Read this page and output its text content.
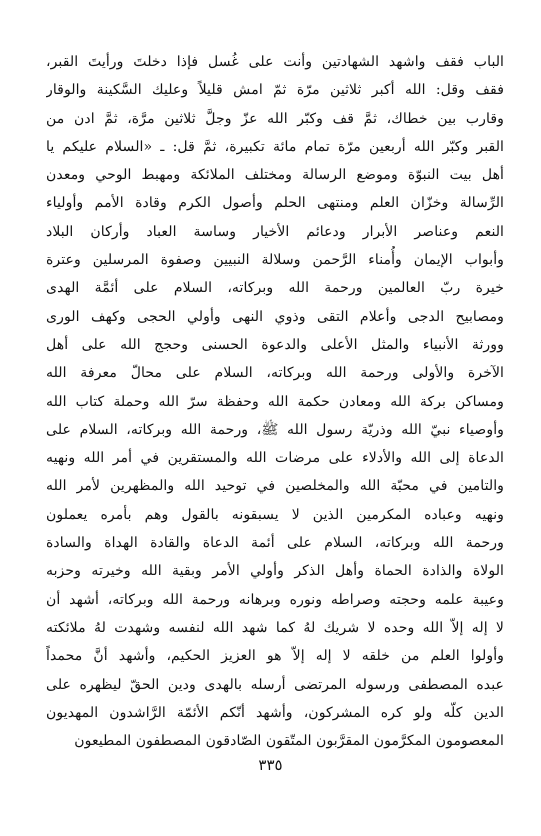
الباب فقف واشهد الشهادتين وأنت على غُسل فإذا دخلتَ ورأيتَ القبر،
فقف وقل: الله أكبر ثلاثين مرّة ثمّ امش قليلاً وعليك السَّكينة والوقار
وقارب بين خطاك، ثمَّ قف وكبّر الله عزّ وجلَّ ثلاثين مرَّة، ثمَّ ادن من
القبر وكبّر الله أربعين مرّة تمام مائة تكبيرة، ثمَّ قل: ـ «السلام عليكم يا
أهل بيت النبوّة وموضع الرسالة ومختلف الملائكة ومهبط الوحي ومعدن
الرِّسالة وخزّان العلم ومنتهى الحلم وأصول الكرم وقادة الأمم وأولياء
النعم وعناصر الأبرار ودعائم الأخيار وساسة العباد وأركان البلاد
وأبواب الإيمان وأُمناء الرَّحمن وسلالة النبيين وصفوة المرسلين وعترة
خيرة ربّ العالمين ورحمة الله وبركاته، السلام على أئمَّة الهدى
ومصابيح الدجى وأعلام التقى وذوي النهى وأولي الحجى وكهف الورى
وورثة الأنبياء والمثل الأعلى والدعوة الحسنى وحجج الله على أهل
الآخرة والأولى ورحمة الله وبركاته، السلام على محالّ معرفة الله
ومساكن بركة الله ومعادن حكمة الله وحفظة سرّ الله وحملة كتاب الله
وأوصياء نبيّ الله وذريّة رسول الله ﷺ، ورحمة الله وبركاته، السلام على
الدعاة إلى الله والأدلاء على مرضات الله والمستقرين في أمر الله ونهيه
والتامين في محبّة الله والمخلصين في توحيد الله والمظهرين لأمر الله
ونهيه وعباده المكرمين الذين لا يسبقونه بالقول وهم بأمره يعملون
ورحمة الله وبركاته، السلام على أئمة الدعاة والقادة الهداة والسادة
الولاة والذادة الحماة وأهل الذكر وأولي الأمر وبقية الله وخيرته وحزبه
وعيبة علمه وحجته وصراطه ونوره وبرهانه ورحمة الله وبركاته، أشهد أن
لا إله إلاّ الله وحده لا شريك لهُ كما شهد الله لنفسه وشهدت لهُ ملائكته
وأولوا العلم من خلقه لا إله إلاّ هو العزيز الحكيم، وأشهد أنَّ محمداً
عبده المصطفى ورسوله المرتضى أرسله بالهدى ودين الحقّ ليظهره على
الدين كلّه ولو كره المشركون، وأشهد أنّكم الأئمّة الرَّاشدون المهديون
المعصومون المكرَّمون المقرَّبون المتّقون الصّادقون المصطفون المطيعون
٣٣٥
